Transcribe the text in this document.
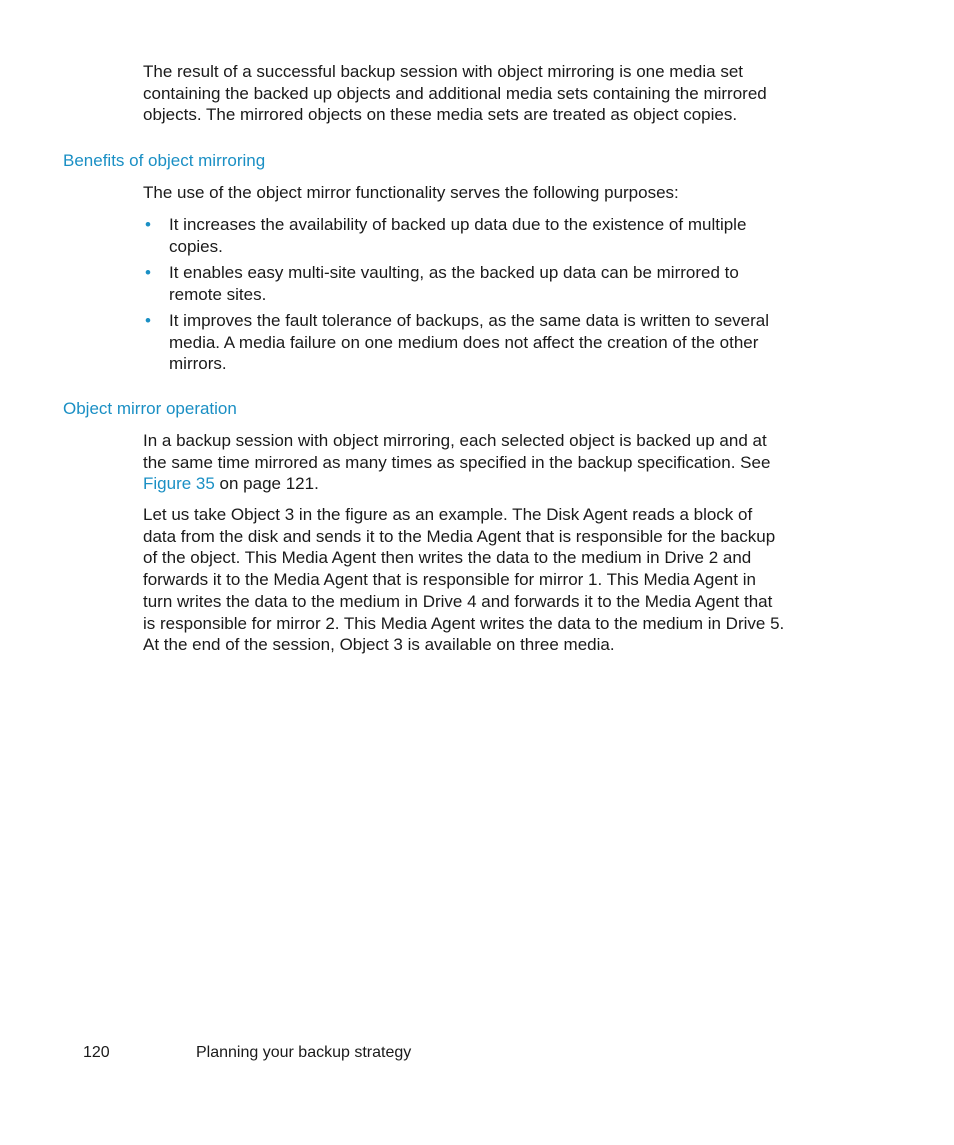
The result of a successful backup session with object mirroring is one media set containing the backed up objects and additional media sets containing the mirrored objects. The mirrored objects on these media sets are treated as object copies.

Benefits of object mirroring

The use of the object mirror functionality serves the following purposes:

• It increases the availability of backed up data due to the existence of multiple copies.
• It enables easy multi-site vaulting, as the backed up data can be mirrored to remote sites.
• It improves the fault tolerance of backups, as the same data is written to several media. A media failure on one medium does not affect the creation of the other mirrors.
Object mirror operation

In a backup session with object mirroring, each selected object is backed up and at the same time mirrored as many times as specified in the backup specification. See Figure 35 on page 121.

Let us take Object 3 in the figure as an example. The Disk Agent reads a block of data from the disk and sends it to the Media Agent that is responsible for the backup of the object. This Media Agent then writes the data to the medium in Drive 2 and forwards it to the Media Agent that is responsible for mirror 1. This Media Agent in turn writes the data to the medium in Drive 4 and forwards it to the Media Agent that is responsible for mirror 2. This Media Agent writes the data to the medium in Drive 5. At the end of the session, Object 3 is available on three media.

120	Planning your backup strategy
